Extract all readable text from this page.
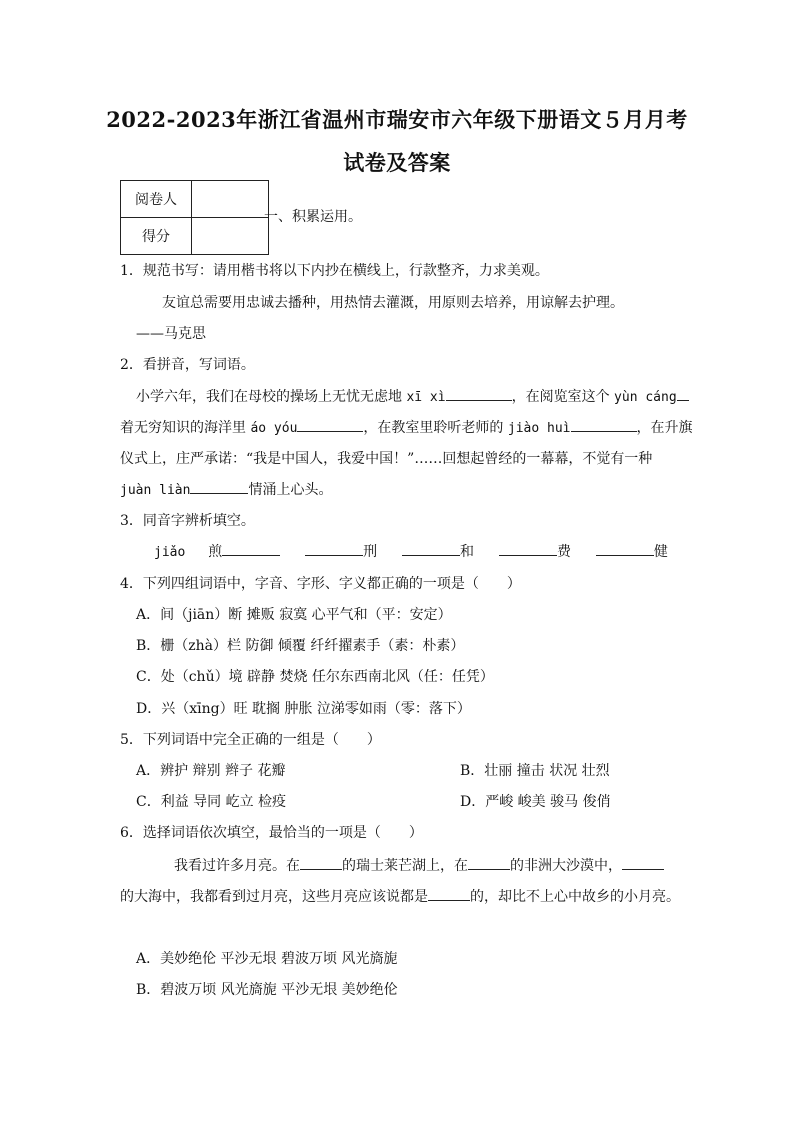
2022-2023年浙江省温州市瑞安市六年级下册语文５月月考
试卷及答案
阅卷人	
得分	
一、积累运用。
1．规范书写：请用楷书将以下内抄在横线上，行款整齐，力求美观。
友谊总需要用忠诚去播种，用热情去灌溉，用原则去培养，用谅解去护理。
——马克思
2．看拼音，写词语。
小学六年，我们在母校的操场上无忧无虑地 xī xì	，在阅览室这个 yùn cáng
着无穷知识的海洋里 áo yóu	，在教室里聆听老师的 jiào huì	，在升旗
仪式上，庄严承诺：“我是中国人，我爱中国！”……回想起曾经的一幕幕，不觉有一种
juàn liàn	情涌上心头。
3．同音字辨析填空。
jiǎo 煎	刑	和	费	健
4．下列四组词语中，字音、字形、字义都正确的一项是（　　）
A．间（jiān）断 摊贩 寂寞 心平气和（平：安定）
B．栅（zhà）栏 防御 倾覆 纤纤擢素手（素：朴素）
C．处（chǔ）境 辟静 焚烧 任尔东西南北风（任：任凭）
D．兴（xīng）旺 耽搁 肿胀 泣涕零如雨（零：落下）
5．下列词语中完全正确的一组是（　　）
A．辨护 辩别 辫子 花瓣	B．壮丽 撞击 状况 壮烈
C．利益 导同 屹立 检疫	D．严峻 峻美 骏马 俊俏
6．选择词语依次填空，最恰当的一项是（　　）
我看过许多月亮。在	的瑞士莱芒湖上，在	的非洲大沙漠中，
的大海中，我都看到过月亮，这些月亮应该说都是	的，却比不上心中故乡的小月亮。
A．美妙绝伦 平沙无垠 碧波万顷 风光旖旎
B．碧波万顷 风光旖旎 平沙无垠 美妙绝伦
